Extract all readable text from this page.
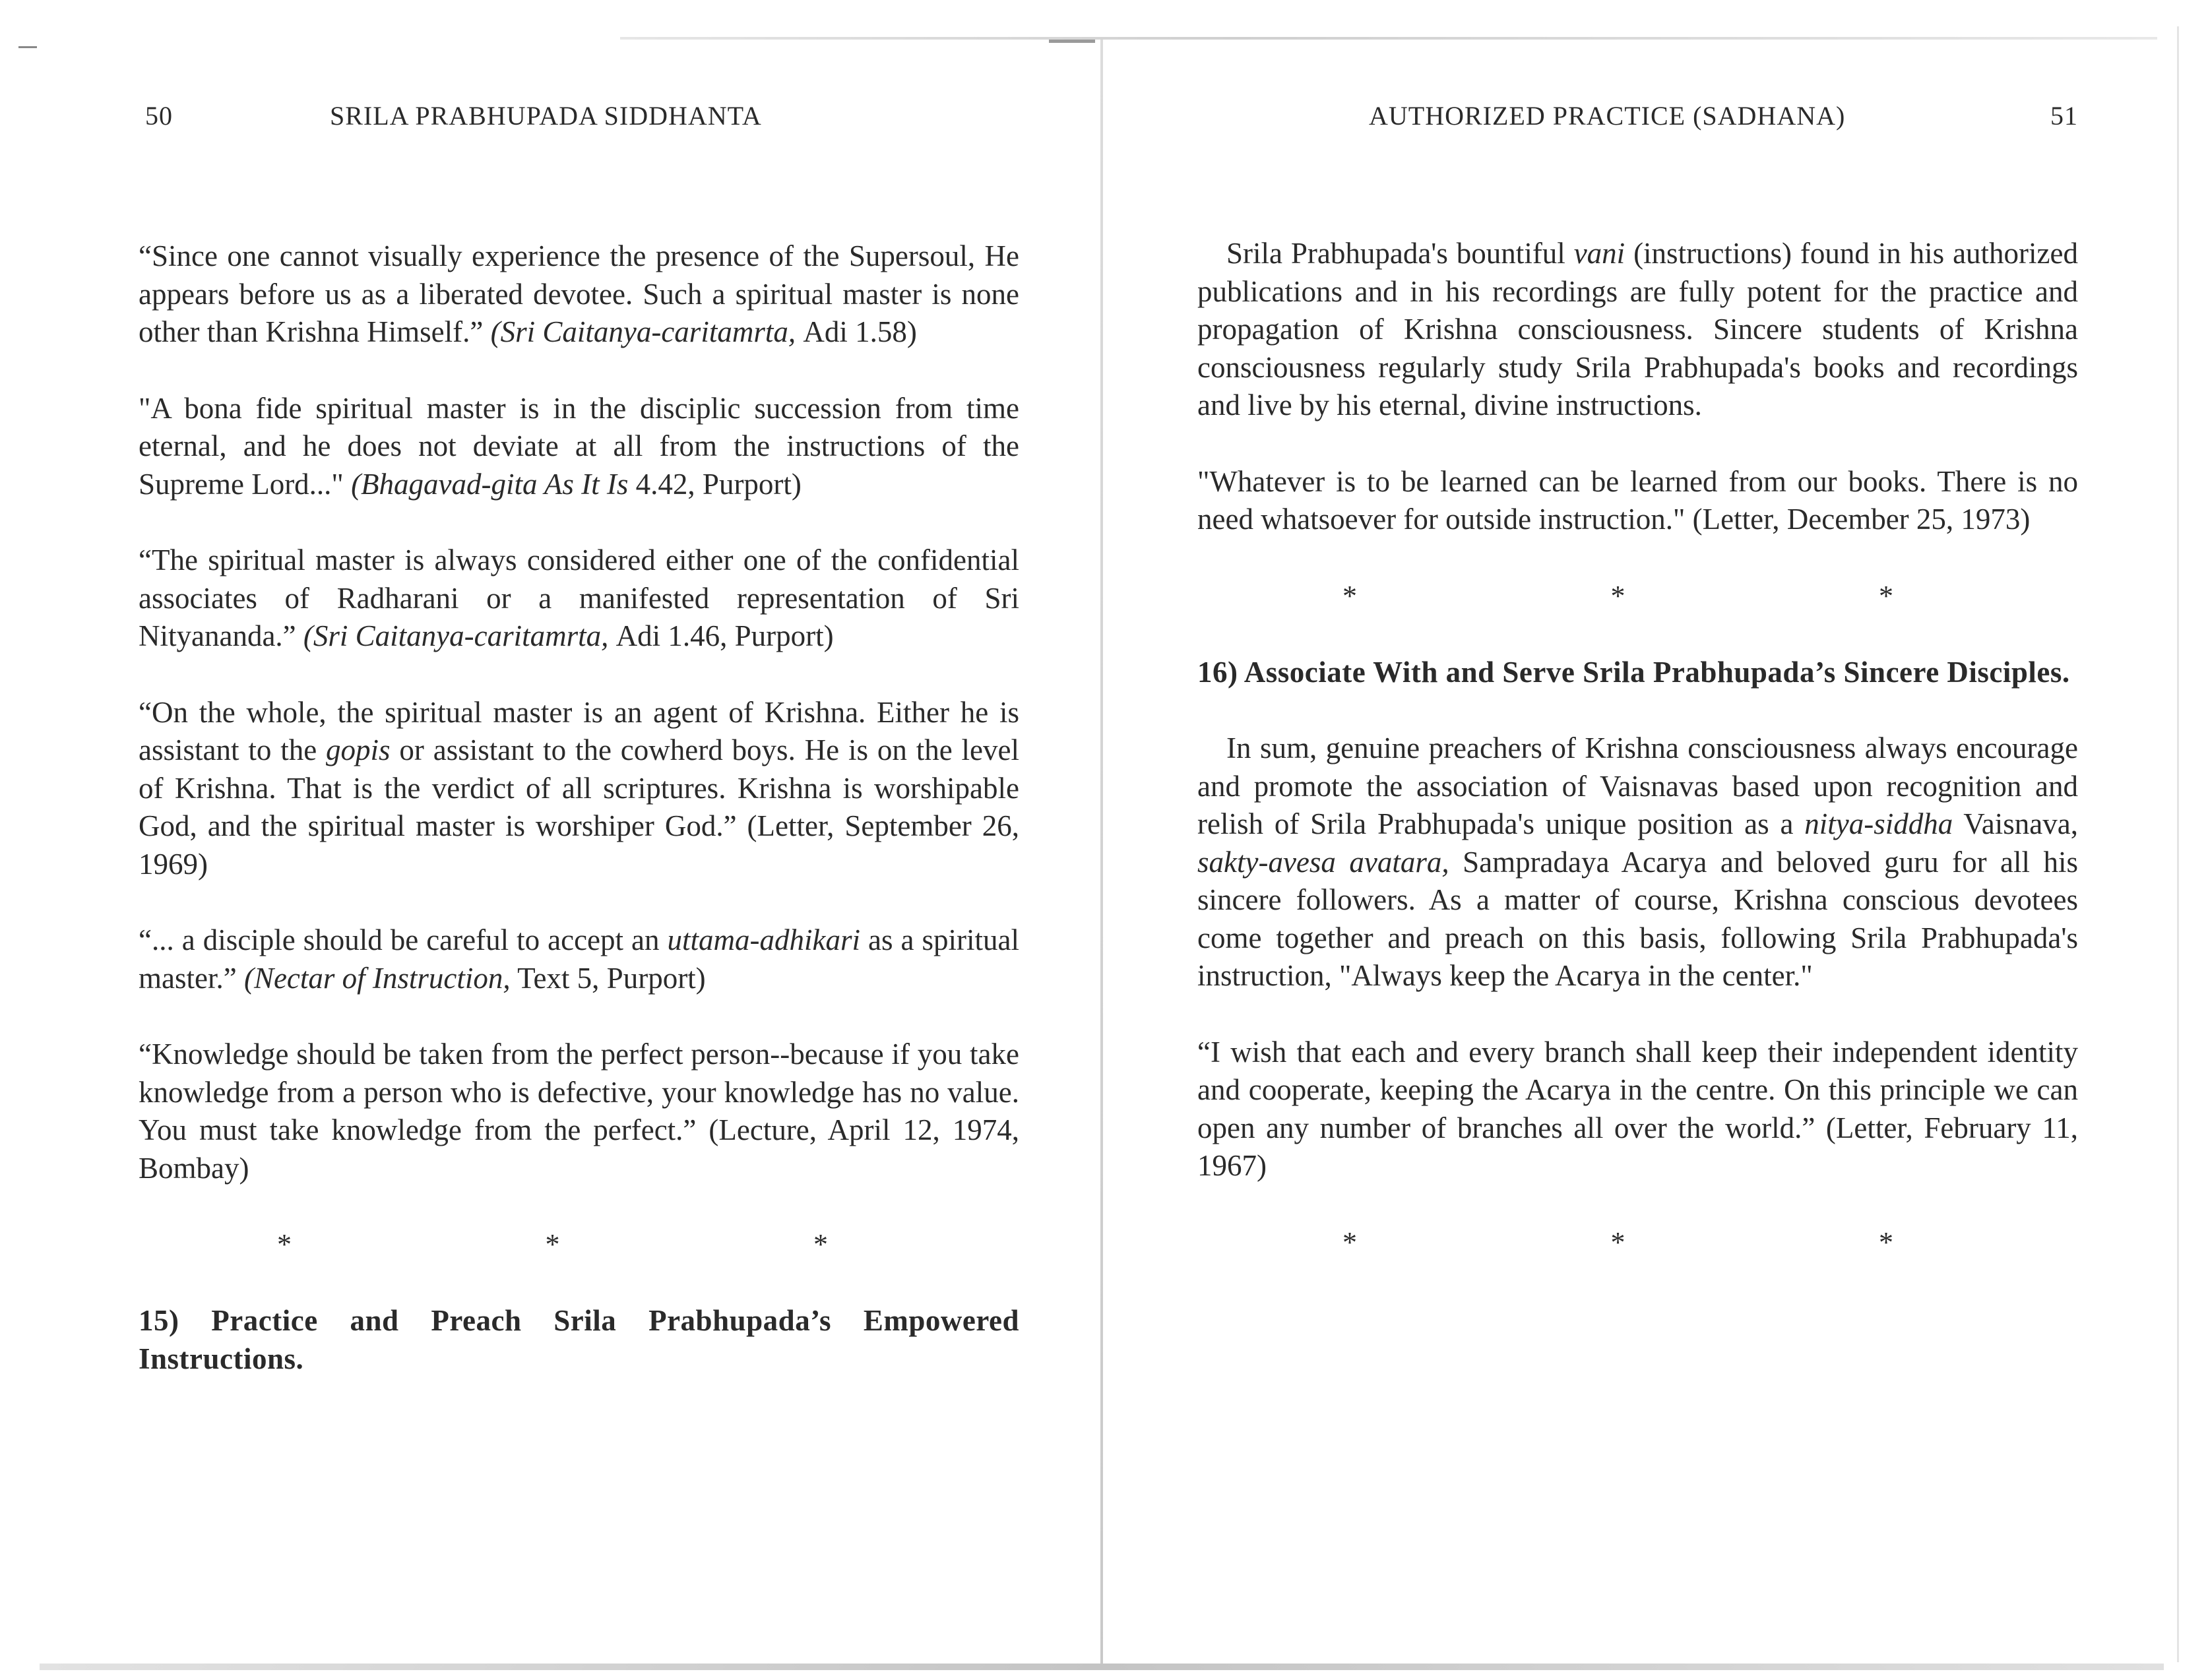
50	SRILA PRABHUPADA SIDDHANTA

“Since one cannot visually experience the presence of the Supersoul, He appears before us as a liberated devotee. Such a spiritual master is none other than Krishna Himself.” (Sri Caitanya-caritamrta, Adi 1.58)

"A bona fide spiritual master is in the disciplic succession from time eternal, and he does not deviate at all from the instructions of the Supreme Lord..." (Bhagavad-gita As It Is 4.42, Purport)

“The spiritual master is always considered either one of the confidential associates of Radharani or a manifested representation of Sri Nityananda.” (Sri Caitanya-caritamrta, Adi 1.46, Purport)

“On the whole, the spiritual master is an agent of Krishna. Either he is assistant to the gopis or assistant to the cowherd boys. He is on the level of Krishna. That is the verdict of all scriptures. Krishna is worshipable God, and the spiritual master is worshiper God.” (Letter, September 26, 1969)

“... a disciple should be careful to accept an uttama-adhikari as a spiritual master.” (Nectar of Instruction, Text 5, Purport)

“Knowledge should be taken from the perfect person--because if you take knowledge from a person who is defective, your knowledge has no value. You must take knowledge from the perfect.” (Lecture, April 12, 1974, Bombay)

*	*	*
15) Practice and Preach Srila Prabhupada’s Empowered Instructions.
AUTHORIZED PRACTICE (SADHANA)	51

Srila Prabhupada's bountiful vani (instructions) found in his authorized publications and in his recordings are fully potent for the practice and propagation of Krishna consciousness. Sincere students of Krishna consciousness regularly study Srila Prabhupada's books and recordings and live by his eternal, divine instructions.

"Whatever is to be learned can be learned from our books. There is no need whatsoever for outside instruction." (Letter, December 25, 1973)

*	*	*
16) Associate With and Serve Srila Prabhupada’s Sincere Disciples.

In sum, genuine preachers of Krishna consciousness always encourage and promote the association of Vaisnavas based upon recognition and relish of Srila Prabhupada's unique position as a nitya-siddha Vaisnava, sakty-avesa avatara, Sampradaya Acarya and beloved guru for all his sincere followers. As a matter of course, Krishna conscious devotees come together and preach on this basis, following Srila Prabhupada's instruction, "Always keep the Acarya in the center."

“I wish that each and every branch shall keep their independent identity and cooperate, keeping the Acarya in the centre. On this principle we can open any number of branches all over the world.” (Letter, February 11, 1967)

*	*	*
